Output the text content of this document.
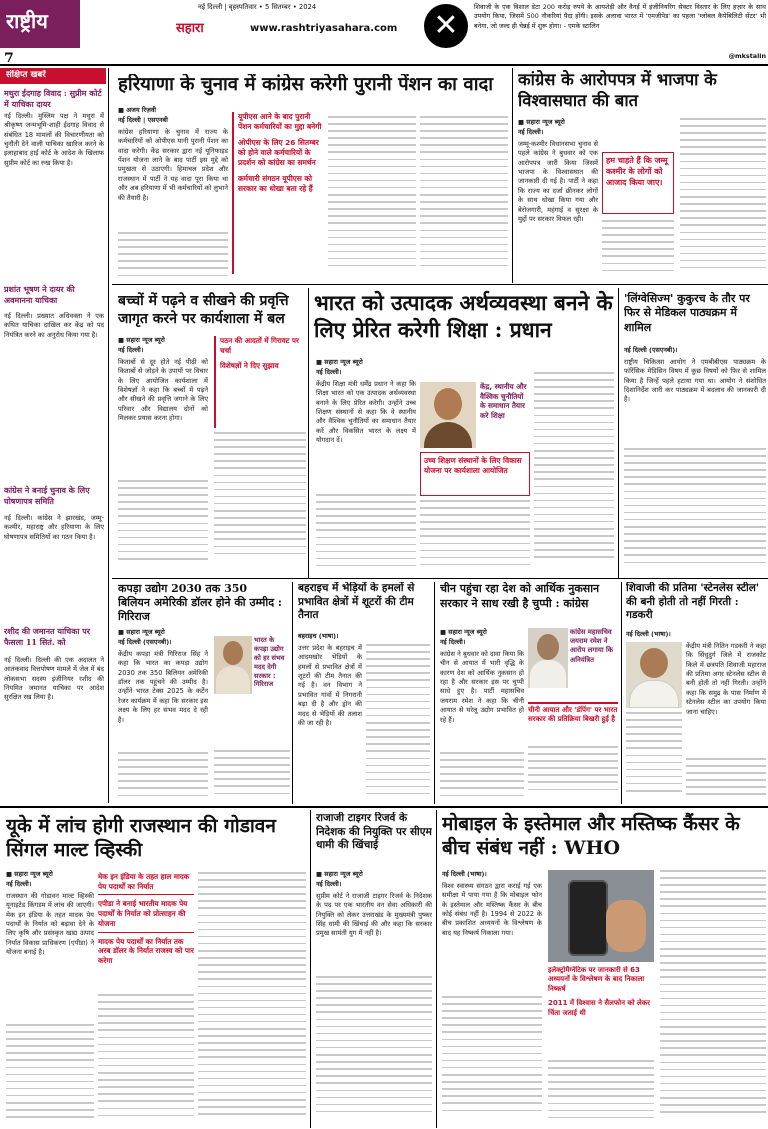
राष्ट्रीय
7
नई दिल्ली | बृहस्पतिवार • 5 सितम्बर • 2024
सहारा	www.rashtriyasahara.com	✕
शिवाजी के एक विशाल डेटा 200 करोड़ रुपये के आयशेड़ी और वैनर्ड़ में इंजीनियरिंग सेक्टर विस्तार के लिए हज़ार के साथ उपयोग किया, जिसमें 500 नौकरियां पैदा होंगी। इसके अलावा भारत में 'एमजीपेड' का पहला 'ग्लोबल कैपेबिलिटी सेंटर' भी बनेगा, जो जल्द ही चेन्नई में शुरू होगा। - एमके स्टालिन
@mkstalin
संक्षिप्त खबरें
मथुरा ईदगाह विवाद : सुप्रीम कोर्ट में याचिका दायर
नई दिल्ली। मुस्लिम पक्ष ने मथुरा में श्रीकृष्ण जन्मभूमि-शाही ईदगाह विवाद से संबंधित 18 मामलों की विचारणीयता को चुनौती देने वाली याचिका खारिज करने के इलाहाबाद हाई कोर्ट के आदेश के खिलाफ सुप्रीम कोर्ट का रुख किया है।
प्रशांत भूषण ने दायर की अवमानना याचिका
नई दिल्ली। प्रख्यात अधिवक्ता ने एक कथित याचिका दाखिल कर केंद्र को पद नियंत्रित करने का अनुरोध किया गया है।
कांग्रेस ने बनाई चुनाव के लिए घोषणापत्र समिति
नई दिल्ली। कांग्रेस ने झारखंड, जम्मू-कश्मीर, महाराष्ट्र और हरियाणा के लिए घोषणापत्र समितियों का गठन किया है।
रशीद की जमानत याचिका पर फैसला 11 सितं. को
नई दिल्ली। दिल्ली की एक अदालत ने आतंकवाद वित्तपोषण मामले में जेल में बंद लोकसभा सदस्य इंजीनियर रशीद की नियमित जमानत याचिका पर आदेश सुरक्षित रख लिया है।
हरियाणा के चुनाव में कांग्रेस करेगी पुरानी पेंशन का वादा
■ अजय रिज़वी
नई दिल्ली | एसएनबी
कांग्रेस हरियाणा के चुनाव में राज्य के कर्मचारियों को ओपीएस यानी पुरानी पेंशन का वादा करेगी। केंद्र सरकार द्वारा नई यूनिफाइड पेंशन योजना लाने के बाद पार्टी इस मुद्दे को प्रमुखता से उठाएगी। हिमाचल प्रदेश और राजस्थान में पार्टी ने यह वादा पूरा किया था और अब हरियाणा में भी कर्मचारियों को लुभाने की तैयारी है।
यूपीएस आने के बाद पुरानी पेंशन कर्मचारियों का मुद्दा बनेगी
ओपीएस के लिए 26 सितम्बर को होने वाले कर्मचारियों के प्रदर्शन को कांग्रेस का समर्थन
कर्मचारी संगठन यूपीएस को सरकार का धोखा बता रहे हैं
कांग्रेस के आरोपपत्र में भाजपा के विश्वासघात की बात
■ सहारा न्यूज ब्यूरो
नई दिल्ली।
जम्मू-कश्मीर विधानसभा चुनाव से पहले कांग्रेस ने बुधवार को एक आरोपपत्र जारी किया जिसमें भाजपा के विश्वासघात की जानकारी दी गई है। पार्टी ने कहा कि राज्य का दर्जा छीनकर लोगों के साथ धोखा किया गया और बेरोजगारी, महंगाई व सुरक्षा के मुद्दों पर सरकार विफल रही।
हम चाहते हैं कि जम्मू कश्मीर के लोगों को आजाद किया जाए।
बच्चों में पढ़ने व सीखने की प्रवृत्ति जागृत करने पर कार्यशाला में बल
■ सहारा न्यूज ब्यूरो
नई दिल्ली।
किताबों से दूर होते नई पीढ़ी को किताबों से जोड़ने के उपायों पर विचार के लिए आयोजित कार्यशाला में विशेषज्ञों ने कहा कि बच्चों में पढ़ने और सीखने की प्रवृत्ति जगाने के लिए परिवार और विद्यालय दोनों को मिलकर प्रयास करना होगा।
पठन की आदतों में गिरावट पर चर्चा
विशेषज्ञों ने दिए सुझाव
भारत को उत्पादक अर्थव्यवस्था बनने के लिए प्रेरित करेगी शिक्षा : प्रधान
■ सहारा न्यूज ब्यूरो
नई दिल्ली।
केंद्रीय शिक्षा मंत्री धर्मेंद्र प्रधान ने कहा कि शिक्षा भारत को एक उत्पादक अर्थव्यवस्था बनाने के लिए प्रेरित करेगी। उन्होंने उच्च शिक्षण संस्थानों से कहा कि वे स्थानीय और वैश्विक चुनौतियों का समाधान तैयार करें और विकसित भारत के लक्ष्य में योगदान दें।
केंद्र, स्थानीय और वैश्विक चुनौतियों के समाधान तैयार करे शिक्षा
उच्च शिक्षण संस्थानों के लिए विकास योजना पर कार्यशाला आयोजित
'लिंग्वेसिज्म' कुकुरच के तौर पर फिर से मेडिकल पाठ्यक्रम में शामिल
नई दिल्ली (एसएनबी)।
राष्ट्रीय चिकित्सा आयोग ने एमबीबीएस पाठ्यक्रम के फॉरेंसिक मेडिसिन विषय में कुछ विषयों को फिर से शामिल किया है जिन्हें पहले हटाया गया था। आयोग ने संशोधित दिशानिर्देश जारी कर पाठ्यक्रम में बदलाव की जानकारी दी है।
कपड़ा उद्योग 2030 तक 350 बिलियन अमेरिकी डॉलर होने की उम्मीद : गिरिराज
■ सहारा न्यूज ब्यूरो
नई दिल्ली (एसएनबी)।
केंद्रीय कपड़ा मंत्री गिरिराज सिंह ने कहा कि भारत का कपड़ा उद्योग 2030 तक 350 बिलियन अमेरिकी डॉलर तक पहुंचने की उम्मीद है। उन्होंने भारत टेक्स 2025 के कर्टेन रेजर कार्यक्रम में कहा कि सरकार इस लक्ष्य के लिए हर संभव मदद दे रही है।
भारत के कपड़ा उद्योग को हर संभव मदद देगी सरकार : गिरिराज
बहराइच में भेड़ियों के हमलों से प्रभावित क्षेत्रों में शूटरों की टीम तैनात
बहराइच (भाषा)।
उत्तर प्रदेश के बहराइच में आदमखोर भेड़ियों के हमलों से प्रभावित क्षेत्रों में शूटरों की टीम तैनात की गई है। वन विभाग ने प्रभावित गांवों में निगरानी बढ़ा दी है और ड्रोन की मदद से भेड़ियों की तलाश की जा रही है।
चीन पहुंचा रहा देश को आर्थिक नुकसान सरकार ने साध रखी है चुप्पी : कांग्रेस
■ सहारा न्यूज ब्यूरो
नई दिल्ली।
कांग्रेस ने बुधवार को दावा किया कि चीन से आयात में भारी वृद्धि के कारण देश को आर्थिक नुकसान हो रहा है और सरकार इस पर चुप्पी साधे हुए है। पार्टी महासचिव जयराम रमेश ने कहा कि चीनी आयात से घरेलू उद्योग प्रभावित हो रहे हैं।
कांग्रेस महासचिव जयराम रमेश ने आरोप लगाया कि अनियंत्रित
चीनी आयात और 'डंपिंग' पर भारत सरकार की प्रतिक्रिया बिखरी हुई है
शिवाजी की प्रतिमा 'स्टेनलेस स्टील' की बनी होती तो नहीं गिरती : गडकरी
नई दिल्ली (भाषा)।
केंद्रीय मंत्री नितिन गडकरी ने कहा कि सिंधुदुर्ग जिले में राजकोट किले में छत्रपति शिवाजी महाराज की प्रतिमा अगर स्टेनलेस स्टील से बनी होती तो नहीं गिरती। उन्होंने कहा कि समुद्र के पास निर्माण में स्टेनलेस स्टील का उपयोग किया जाना चाहिए।
यूके में लांच होगी राजस्थान की गोडावन सिंगल माल्ट व्हिस्की
■ सहारा न्यूज ब्यूरो
नई दिल्ली।
राजस्थान की गोडावन माल्ट व्हिस्की यूनाइटेड किंगडम में लांच की जाएगी। मेक इन इंडिया के तहत मादक पेय पदार्थों के निर्यात को बढ़ावा देने के लिए कृषि और प्रसंस्कृत खाद्य उत्पाद निर्यात विकास प्राधिकरण (एपीडा) ने योजना बनाई है।
मेक इन इंडिया के तहत हाल मादक पेय पदार्थों का निर्यात
एपीडा ने बनाई भारतीय मादक पेय पदार्थों के निर्यात को प्रोत्साहन की योजना
मादक पेय पदार्थों का निर्यात तक अरब डॉलर के निर्यात राजस्व को पार करेगा
राजाजी टाइगर रिजर्व के निदेशक की नियुक्ति पर सीएम धामी की खिंचाई
■ सहारा न्यूज ब्यूरो
नई दिल्ली।
सुप्रीम कोर्ट ने राजाजी टाइगर रिजर्व के निदेशक के पद पर एक भारतीय वन सेवा अधिकारी की नियुक्ति को लेकर उत्तराखंड के मुख्यमंत्री पुष्कर सिंह धामी की खिंचाई की और कहा कि सरकार प्रमुख सामंती युग में नहीं है।
मोबाइल के इस्तेमाल और मस्तिष्क कैंसर के बीच संबंध नहीं : WHO
नई दिल्ली (भाषा)।
विश्व स्वास्थ्य संगठन द्वारा कराई गई एक समीक्षा में पाया गया है कि मोबाइल फोन के इस्तेमाल और मस्तिष्क कैंसर के बीच कोई संबंध नहीं है। 1994 से 2022 के बीच प्रकाशित अध्ययनों के विश्लेषण के बाद यह निष्कर्ष निकाला गया।
इलेक्ट्रोमैग्नेटिक पर जानकारी से 63 अध्ययनों के विश्लेषण के बाद निकाला निष्कर्ष
2011 में विश्वास ने सैलफोन को लेकर चिंता जताई थी
